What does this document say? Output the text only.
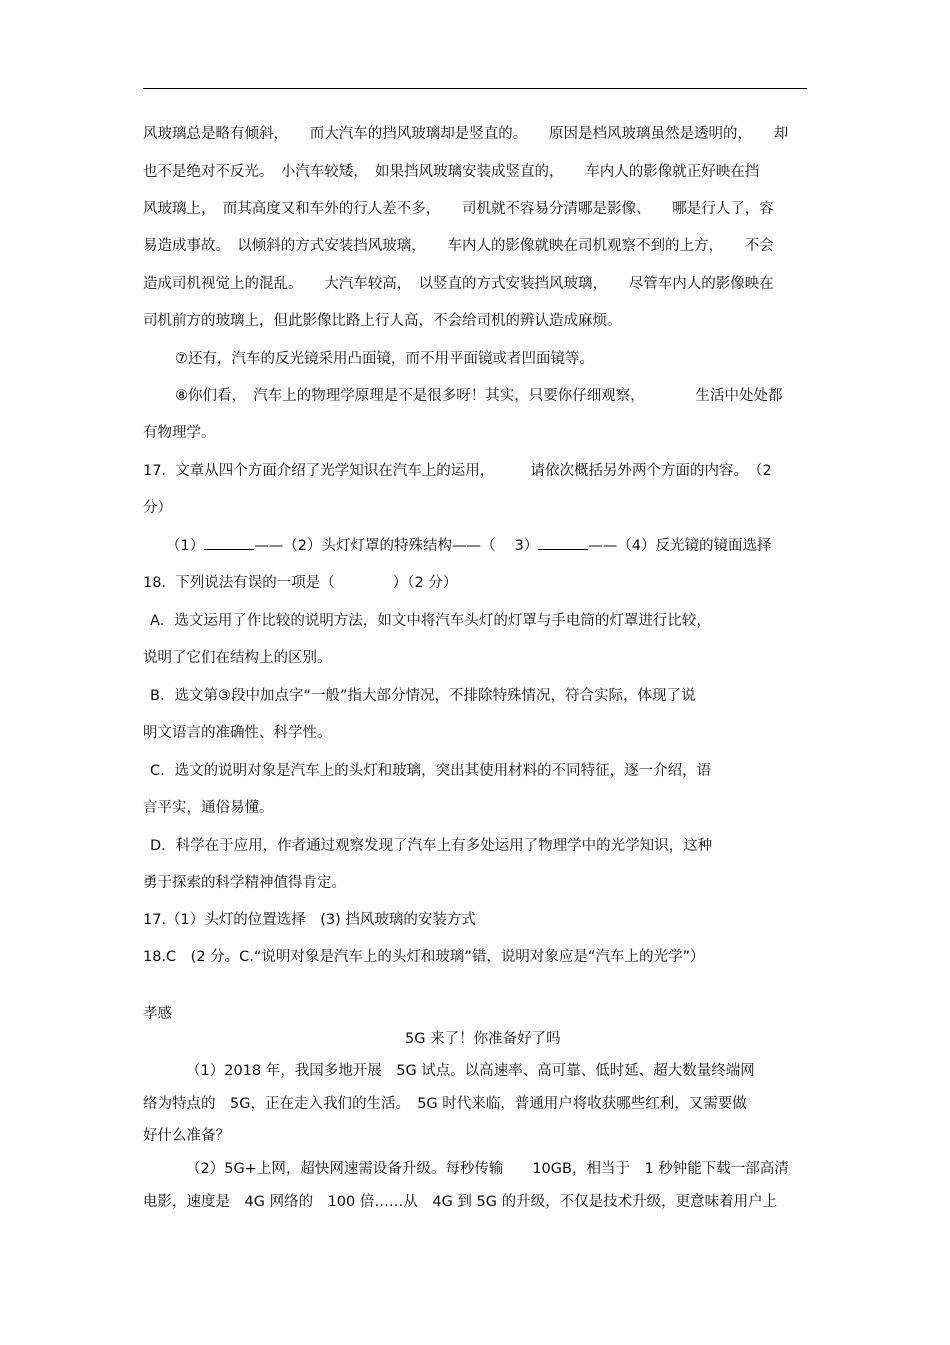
风玻璃总是略有倾斜，　　而大汽车的挡风玻璃却是竖直的。　　原因是档风玻璃虽然是透明的，　　却
也不是绝对不反光。　小汽车较矮，　如果挡风玻璃安装成竖直的，　　车内人的影像就正好映在挡
风玻璃上，　而其高度又和车外的行人差不多，　　司机就不容易分清哪是影像、　　哪是行人了，容
易造成事故。　以倾斜的方式安装挡风玻璃，　　车内人的影像就映在司机观察不到的上方，　　不会
造成司机视觉上的混乱。　　大汽车较高，　以竖直的方式安装挡风玻璃，　　尽管车内人的影像映在
司机前方的玻璃上，但此影像比路上行人高，不会给司机的辨认造成麻烦。
⑦还有，汽车的反光镜采用凸面镜，而不用平面镜或者凹面镜等。
⑧你们看，　汽车上的物理学原理是不是很多呀！其实，只要你仔细观察，　　　　生活中处处都
有物理学。
17.  文章从四个方面介绍了光学知识在汽车上的运用，　　　请依次概括另外两个方面的内容。　（2
分）
（1）	——（2）头灯灯罩的特殊结构——（　 3）	——（4）反光镜的镜面选择
18.  下列说法有误的一项是（　　　　）（2 分）
A．选文运用了作比较的说明方法，如文中将汽车头灯的灯罩与手电筒的灯罩进行比较，
说明了它们在结构上的区别。
B．选文第③段中加点字“一般”指大部分情况，不排除特殊情况，符合实际，体现了说
明文语言的准确性、科学性。
C．选文的说明对象是汽车上的头灯和玻璃，突出其使用材料的不同特征，逐一介绍，语
言平实，通俗易懂。
D．科学在于应用，作者通过观察发现了汽车上有多处运用了物理学中的光学知识，这种
勇于探索的科学精神值得肯定。
17.（1）头灯的位置选择　(3) 挡风玻璃的安装方式
18.C　(2 分。C.“说明对象是汽车上的头灯和玻璃”错，说明对象应是“汽车上的光学”）
孝感
5G 来了！你准备好了吗
（1）2018 年，我国多地开展　5G 试点。以高速率、高可靠、低时延、超大数量终端网
络为特点的　5G，正在走入我们的生活。　5G 时代来临，普通用户将收获哪些红利，又需要做
好什么准备？
（2）5G+上网，超快网速需设备升级。每秒传输　　10GB，相当于　1 秒钟能下载一部高清
电影，速度是　4G 网络的　100 倍……从　4G 到 5G 的升级，不仅是技术升级，更意味着用户上
